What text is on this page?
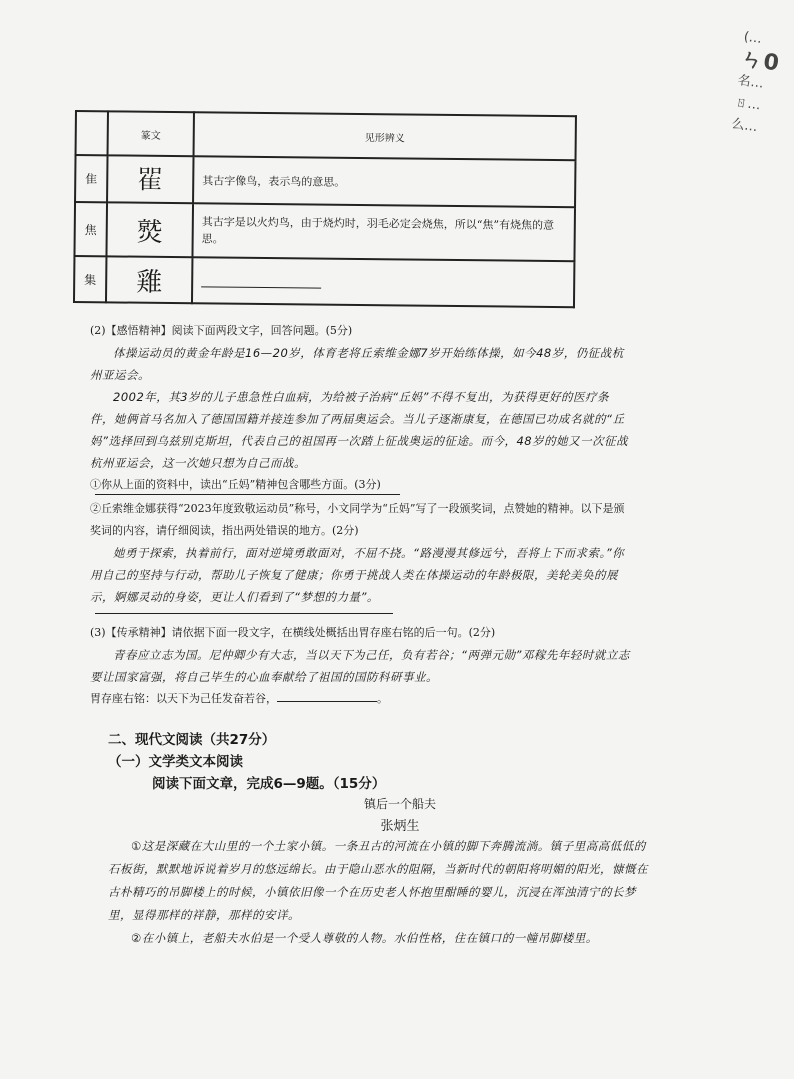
(…
ㄣ0
名…
ㄖ…
么…
	篆文	见形辨义
隹	𨾴	其古字像鸟，表示鸟的意思。
焦	𤎼	其古字是以火灼鸟，由于烧灼时，羽毛必定会烧焦，所以“焦”有烧焦的意思。
集	𨿸	

(2)【感悟精神】阅读下面两段文字，回答问题。(5分)

体操运动员的黄金年龄是16—20岁，体育老将丘索维金娜7岁开始练体操，如今48岁，仍征战杭州亚运会。

2002年，其3岁的儿子患急性白血病，为给被子治病“丘妈”不得不复出，为获得更好的医疗条件，她俩首马名加入了德国国籍并接连参加了两届奥运会。当儿子逐渐康复，在德国已功成名就的“丘妈”选择回到乌兹别克斯坦，代表自己的祖国再一次踏上征战奥运的征途。而今，48岁的她又一次征战杭州亚运会，这一次她只想为自己而战。

①你从上面的资料中，读出“丘妈”精神包含哪些方面。(3分)

②丘索维金娜获得“2023年度致敬运动员”称号，小文同学为“丘妈”写了一段颁奖词，点赞她的精神。以下是颁奖词的内容，请仔细阅读，指出两处错误的地方。(2分)

她勇于探索，执着前行，面对逆境勇敢面对，不屈不挠。“路漫漫其修远兮，吾将上下而求索。”你用自己的坚持与行动，帮助儿子恢复了健康；你勇于挑战人类在体操运动的年龄极限，美轮美奂的展示，婀娜灵动的身姿，更让人们看到了“梦想的力量”。

(3)【传承精神】请依据下面一段文字，在横线处概括出胃存座右铭的后一句。(2分)

青春应立志为国。尼仲卿少有大志，当以天下为己任，负有若谷；“两弹元勋”邓稼先年轻时就立志要让国家富强，将自己毕生的心血奉献给了祖国的国防科研事业。

胃存座右铭：以天下为己任发奋若谷，	。

二、现代文阅读（共27分）
（一）文学类文本阅读
阅读下面文章，完成6—9题。（15分）
镇后一个船夫
张炳生

①这是深藏在大山里的一个土家小镇。一条丑古的河流在小镇的脚下奔腾流淌。镇子里高高低低的石板街，默默地诉说着岁月的悠远绵长。由于隐山恶水的阻隔，当新时代的朝阳将明媚的阳光，慷慨在古朴精巧的吊脚楼上的时候，小镇依旧像一个在历史老人怀抱里酣睡的婴儿，沉浸在浑浊清宁的长梦里，显得那样的祥静，那样的安详。

②在小镇上，老船夫水伯是一个受人尊敬的人物。水伯性格，住在镇口的一幢吊脚楼里。
